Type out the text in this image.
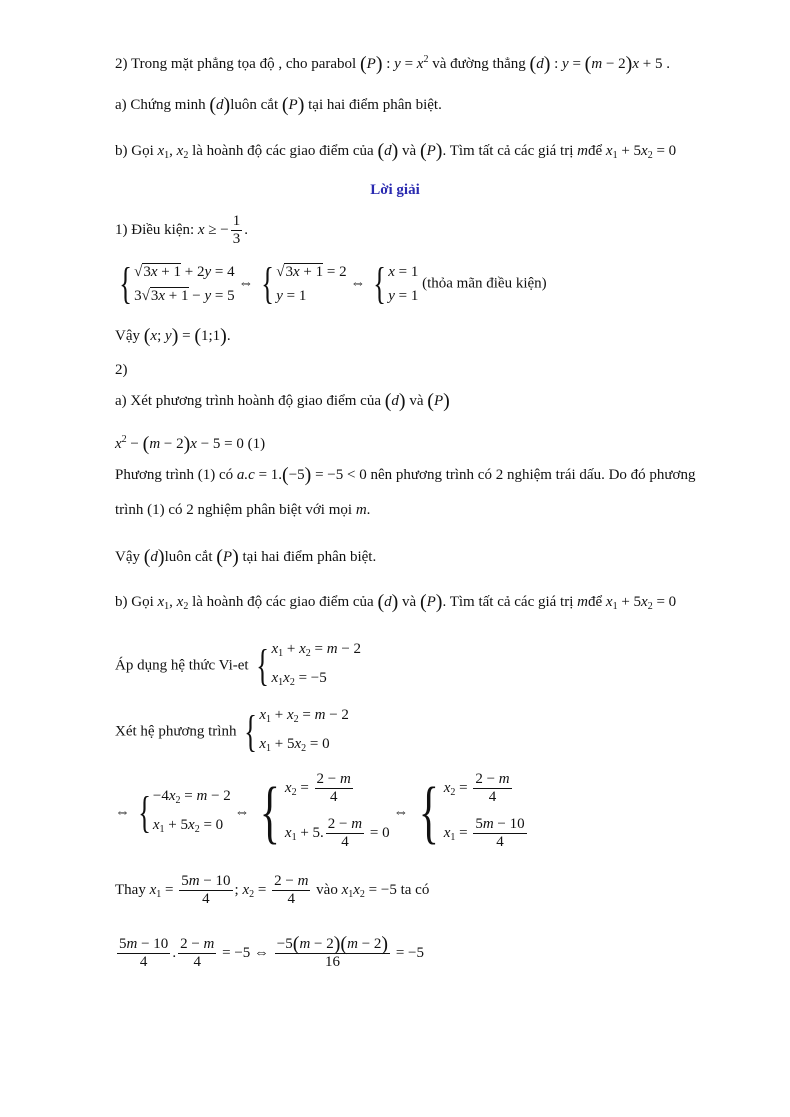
2) Trong mặt phẳng tọa độ , cho parabol (P) : $y = x^2$ và đường thẳng (d) : y = (m − 2)x + 5 .
a) Chứng minh (d)luôn cắt (P) tại hai điểm phân biệt.
b) Gọi $x_1$, $x_2$ là hoành độ các giao điểm của (d) và (P). Tìm tất cả các giá trị mđể $x_1 + 5x_2 = 0$
Lời giải
1) Điều kiện: x ≥ − $\frac{1}{3}$ .
{ √3x + 1 + 2y = 4
3√3x + 1 − y = 5
⇔ { √3x + 1 = 2
y = 1
⇔ { x = 1
y = 1
(thỏa mãn điều kiện)
Vậy (x; y) = (1;1).
2)
a) Xét phương trình hoành độ giao điểm của (d) và (P)
$x^2 - (m - 2)x - 5 = 0$ (1)
Phương trình (1) có a.c = 1.(−5) = −5 < 0 nên phương trình có 2 nghiệm trái dấu. Do đó phương
trình (1) có 2 nghiệm phân biệt với mọi m.
Vậy (d)luôn cắt (P) tại hai điểm phân biệt.
b) Gọi $x_1$, $x_2$ là hoành độ các giao điểm của (d) và (P). Tìm tất cả các giá trị mđể $x_1 + 5x_2 = 0$
Áp dụng hệ thức Vi-et { $x_1 + x_2 = m - 2$
$x_1x_2 = -5$
Xét hệ phương trình { $x_1 + x_2 = m - 2$
$x_1 + 5x_2 = 0$
⇔ { $-4x_2 = m - 2$
$x_1 + 5x_2 = 0$
⇔ { $x_2 = \frac{2 - m}{4}$
$x_1 + 5$. $\frac{2 - m}{4} = 0$
⇔ { $x_2 = \frac{2 - m}{4}$
$x_1 = \frac{5m - 10}{4}$
Thay $x_1 = \frac{5m - 10}{4}$ ; $x_2 = \frac{2 - m}{4}$ vào $x_1x_2 = -5$ ta có
$\frac{5m - 10}{4}$ . $\frac{2 - m}{4} = -5$ ⇔ $\frac{-5(m - 2)(m - 2)}{16} = -5$
